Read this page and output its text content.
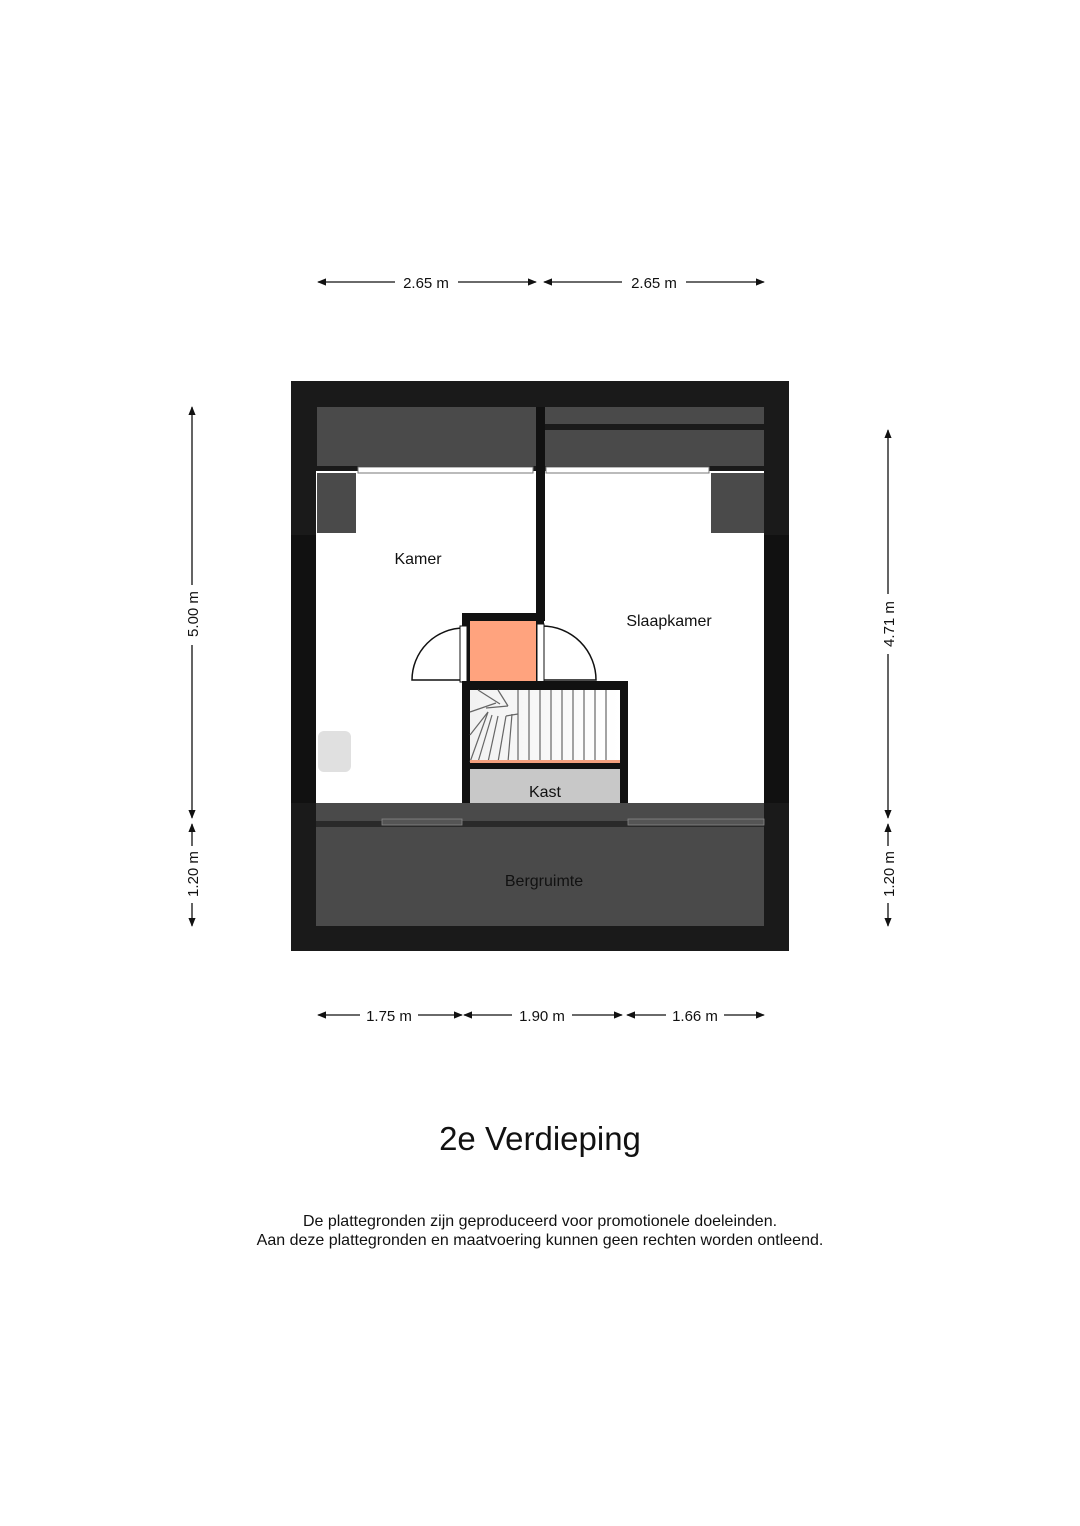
Kamer
Slaapkamer
Kast
Bergruimte
2.65 m	2.65 m
5.00 m
1.20 m
4.71 m
1.20 m
1.75 m	1.90 m	1.66 m
2e Verdieping
De plattegronden zijn geproduceerd voor promotionele doeleinden.
Aan deze plattegronden en maatvoering kunnen geen rechten worden ontleend.
